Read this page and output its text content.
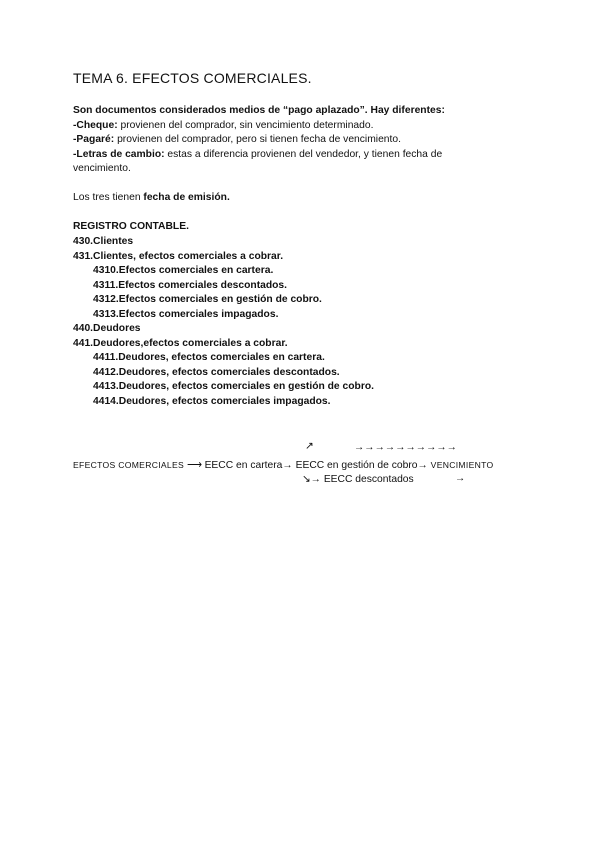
TEMA 6. EFECTOS COMERCIALES.
Son documentos considerados medios de “pago aplazado”. Hay diferentes:
-Cheque: provienen del comprador, sin vencimiento determinado.
-Pagaré: provienen del comprador, pero si tienen fecha de vencimiento.
-Letras de cambio: estas a diferencia provienen del vendedor, y tienen fecha de
vencimiento.
Los tres tienen fecha de emisión.
REGISTRO CONTABLE.
430.Clientes
431.Clientes, efectos comerciales a cobrar.
4310.Efectos comerciales en cartera.
4311.Efectos comerciales descontados.
4312.Efectos comerciales en gestión de cobro.
4313.Efectos comerciales impagados.
440.Deudores
441.Deudores,efectos comerciales a cobrar.
4411.Deudores, efectos comerciales en cartera.
4412.Deudores, efectos comerciales descontados.
4413.Deudores, efectos comerciales en gestión de cobro.
4414.Deudores, efectos comerciales impagados.
↗	→→→→→→→→→→
EFECTOS COMERCIALES ⟶ EECC en cartera→ EECC en gestión de cobro→ VENCIMIENTO
↘→ EECC descontados	→
